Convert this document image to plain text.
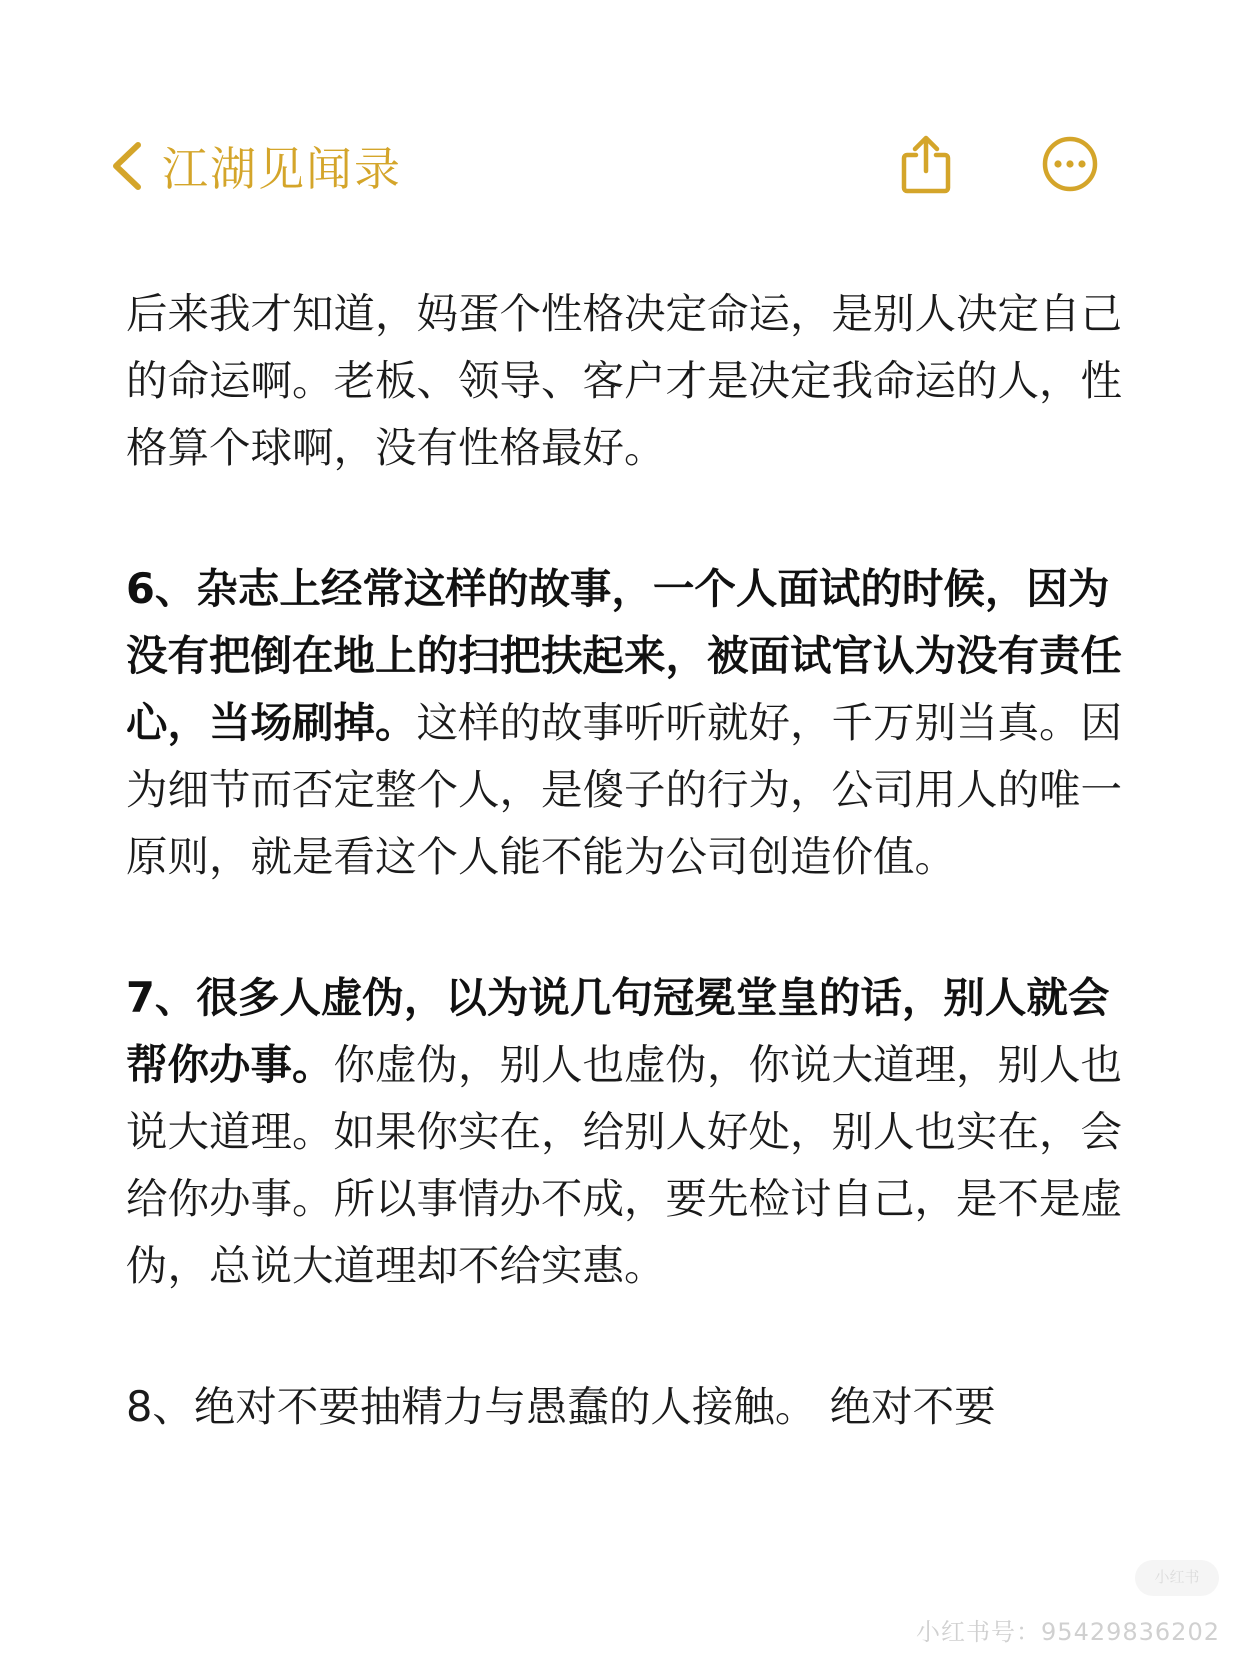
江湖见闻录

后来我才知道，妈蛋个性格决定命运，是别人决定自己的命运啊。老板、领导、客户才是决定我命运的人，性格算个球啊，没有性格最好。

6、杂志上经常这样的故事，一个人面试的时候，因为没有把倒在地上的扫把扶起来，被面试官认为没有责任心，当场刷掉。这样的故事听听就好，千万别当真。因为细节而否定整个人，是傻子的行为，公司用人的唯一原则，就是看这个人能不能为公司创造价值。

7、很多人虚伪，以为说几句冠冕堂皇的话，别人就会帮你办事。你虚伪，别人也虚伪，你说大道理，别人也说大道理。如果你实在，给别人好处，别人也实在，会给你办事。所以事情办不成，要先检讨自己，是不是虚伪，总说大道理却不给实惠。

8、绝对不要抽精力与愚蠢的人接触。 绝对不要

小红书
小红书号：95429836202
